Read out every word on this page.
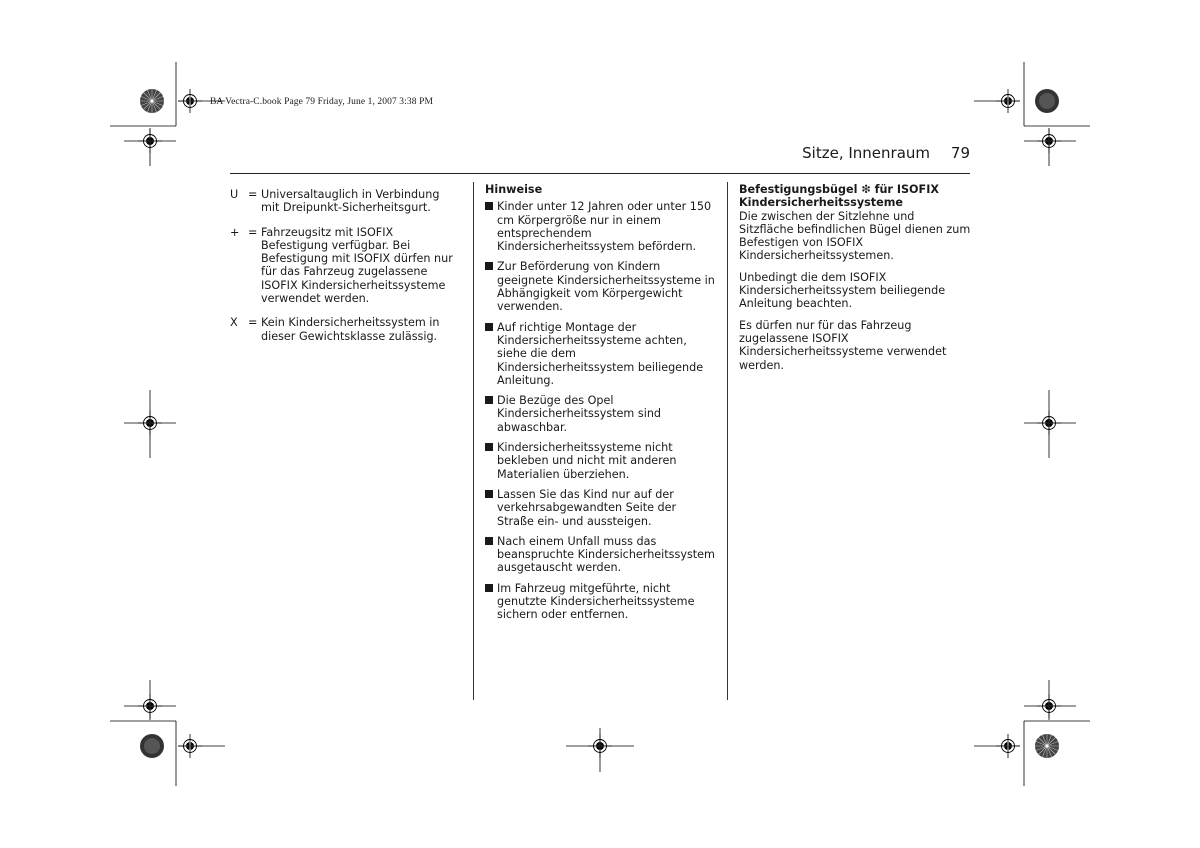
BA Vectra-C.book Page 79 Friday, June 1, 2007 3:38 PM
Sitze, Innenraum	79
U = Universaltauglich in Verbindung mit Dreipunkt-Sicherheitsgurt.
+ = Fahrzeugsitz mit ISOFIX Befestigung verfügbar. Bei Befestigung mit ISOFIX dürfen nur für das Fahrzeug zugelassene ISOFIX Kindersicherheitssysteme verwendet werden.
X = Kein Kindersicherheitssystem in dieser Gewichtsklasse zulässig.
Hinweise
Kinder unter 12 Jahren oder unter 150 cm Körpergröße nur in einem entsprechendem Kindersicherheitssystem befördern.
Zur Beförderung von Kindern geeignete Kindersicherheitssysteme in Abhängigkeit vom Körpergewicht verwenden.
Auf richtige Montage der Kindersicherheitssysteme achten, siehe die dem Kindersicherheitssystem beiliegende Anleitung.
Die Bezüge des Opel Kindersicherheitssystem sind abwaschbar.
Kindersicherheitssysteme nicht bekleben und nicht mit anderen Materialien überziehen.
Lassen Sie das Kind nur auf der verkehrsabgewandten Seite der Straße ein- und aussteigen.
Nach einem Unfall muss das beanspruchte Kindersicherheitssystem ausgetauscht werden.
Im Fahrzeug mitgeführte, nicht genutzte Kindersicherheitssysteme sichern oder entfernen.
Befestigungsbügel ❇ für ISOFIX
Kindersicherheitssysteme
Die zwischen der Sitzlehne und Sitzfläche befindlichen Bügel dienen zum Befestigen von ISOFIX Kindersicherheitssystemen.
Unbedingt die dem ISOFIX Kindersicherheitssystem beiliegende Anleitung beachten.
Es dürfen nur für das Fahrzeug zugelassene ISOFIX Kindersicherheitssysteme verwendet werden.
